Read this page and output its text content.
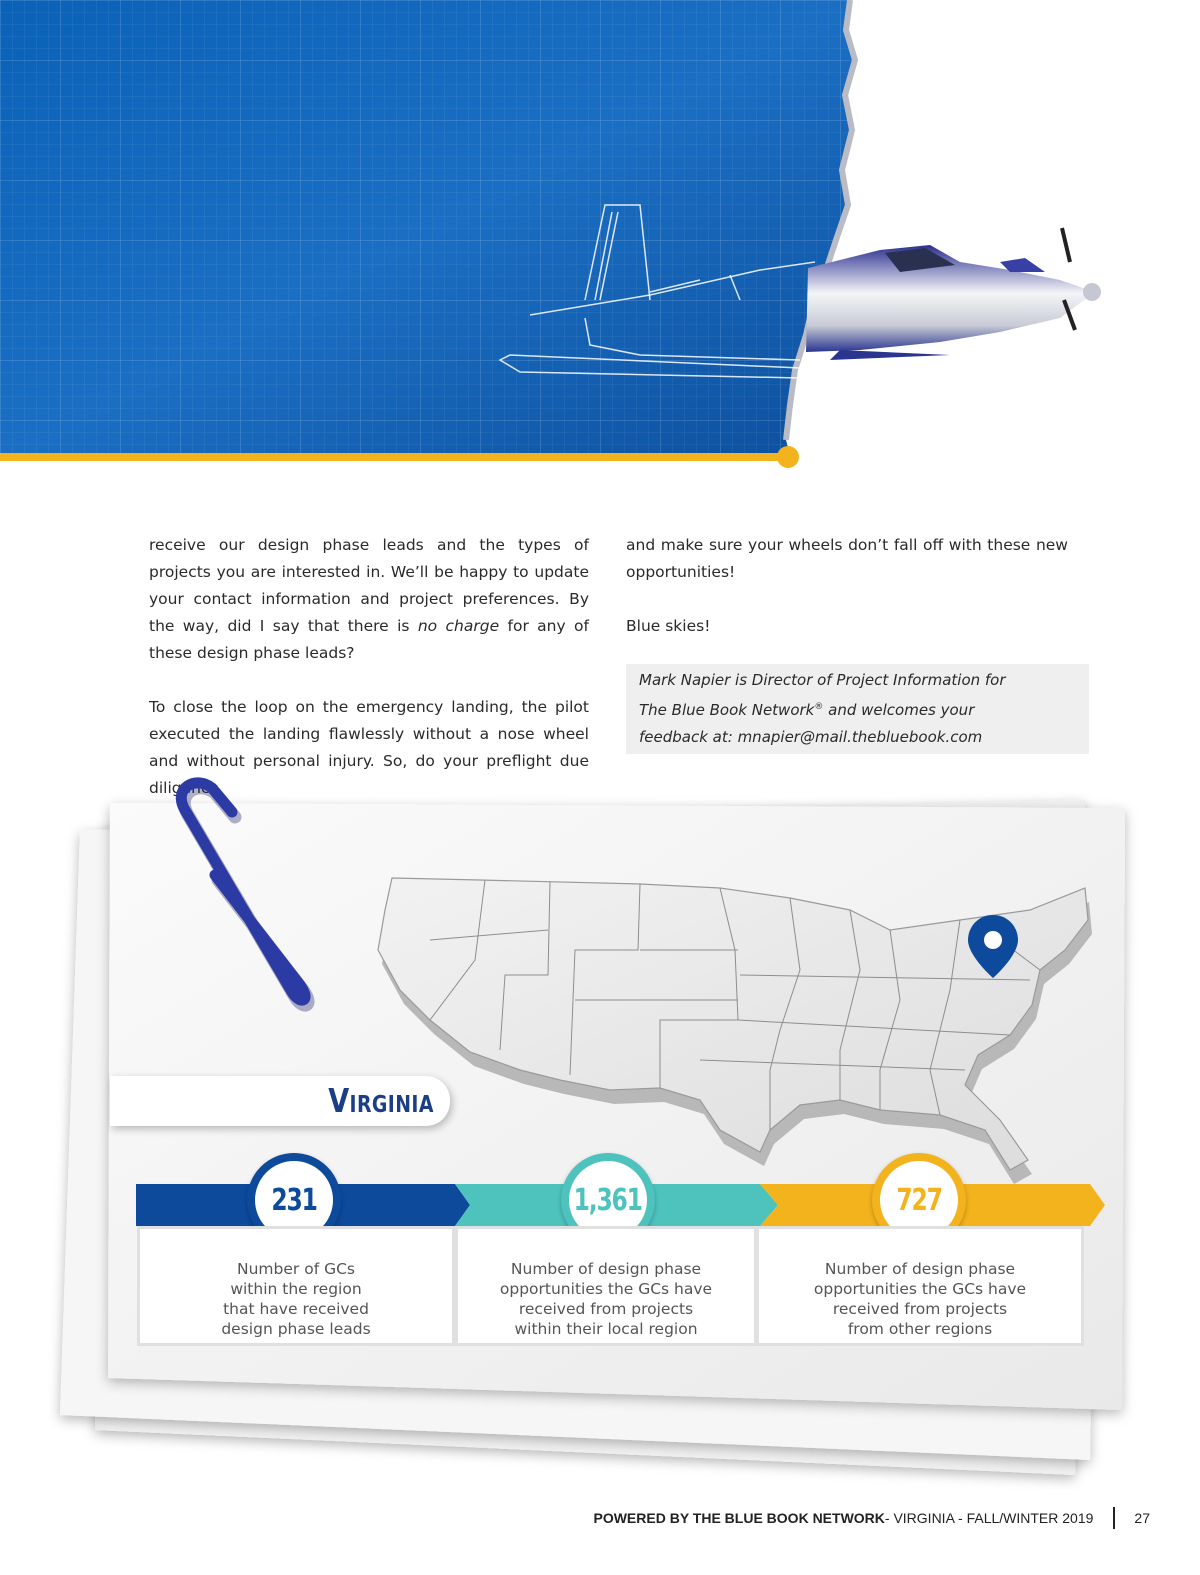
receive our design phase leads and the types of projects you are interested in. We’ll be happy to update your contact information and project preferences. By the way, did I say that there is no charge for any of these design phase leads?

To close the loop on the emergency landing, the pilot executed the landing flawlessly without a nose wheel and without personal injury. So, do your preflight due diligence

and make sure your wheels don’t fall off with these new opportunities!

Blue skies!

Mark Napier is Director of Project Information for
The Blue Book Network® and welcomes your
feedback at: mnapier@mail.thebluebook.com
Virginia
231
Number of GCs
within the region
that have received
design phase leads
1,361
Number of design phase
opportunities the GCs have
received from projects
within their local region
727
Number of design phase
opportunities the GCs have
received from projects
from other regions
POWERED BY THE BLUE BOOK NETWORK - VIRGINIA - FALL/WINTER 2019	27
